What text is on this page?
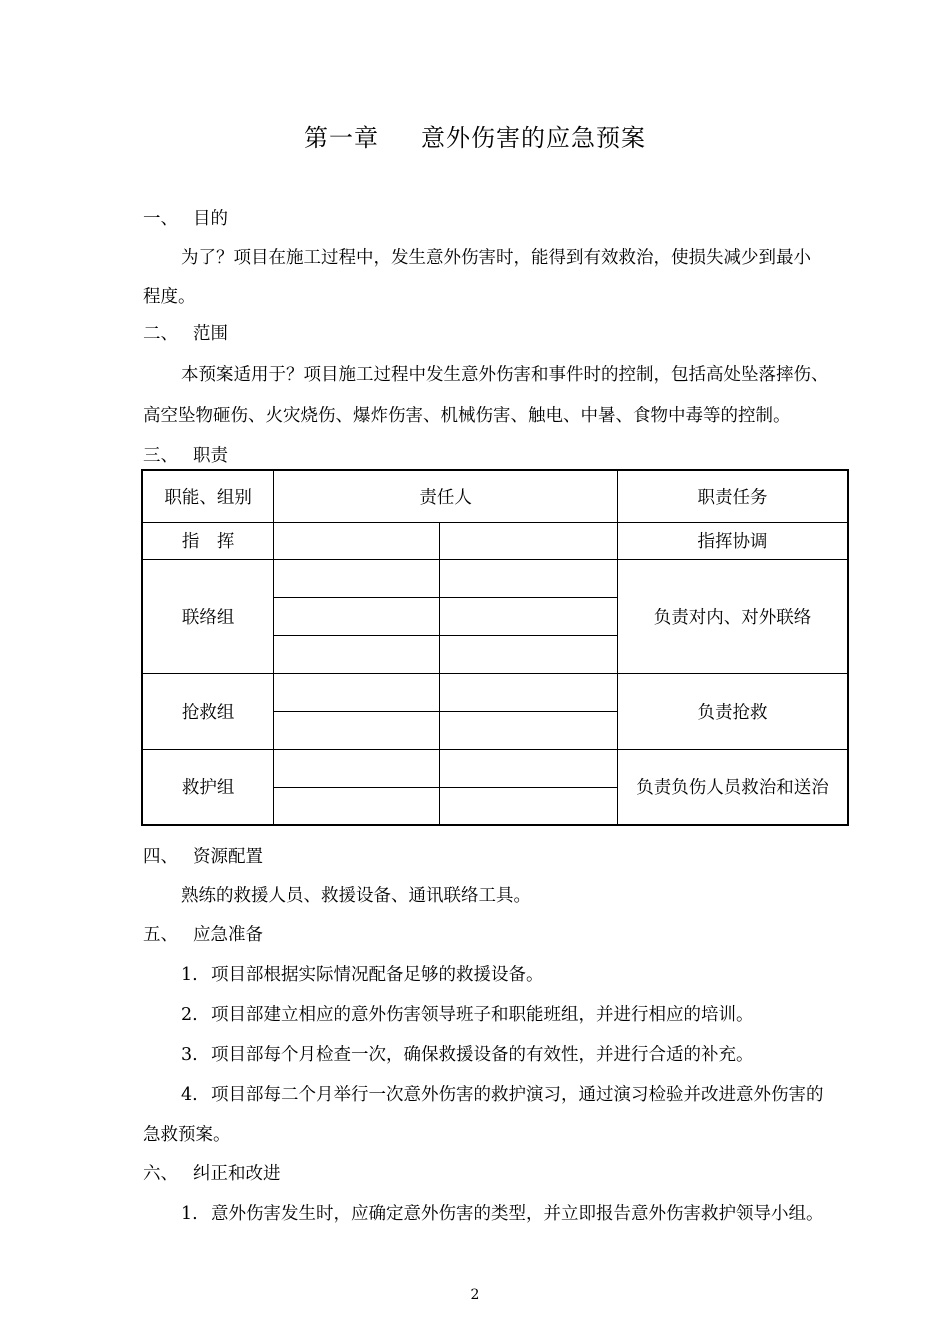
第一章 意外伤害的应急预案
一、 目的
为了？项目在施工过程中，发生意外伤害时，能得到有效救治，使损失减少到最小
程度。
二、 范围
本预案适用于？项目施工过程中发生意外伤害和事件时的控制，包括高处坠落摔伤、
高空坠物砸伤、火灾烧伤、爆炸伤害、机械伤害、触电、中暑、食物中毒等的控制。
三、 职责
职能、组别	责任人		职责任务
指　挥			指挥协调
联络组			负责对内、对外联络

抢救组			负责抢救

救护组			负责负伤人员救治和送治

四、 资源配置
熟练的救援人员、救援设备、通讯联络工具。
五、 应急准备
1. 项目部根据实际情况配备足够的救援设备。
2. 项目部建立相应的意外伤害领导班子和职能班组，并进行相应的培训。
3. 项目部每个月检查一次，确保救援设备的有效性，并进行合适的补充。
4. 项目部每二个月举行一次意外伤害的救护演习，通过演习检验并改进意外伤害的
急救预案。
六、 纠正和改进
1. 意外伤害发生时，应确定意外伤害的类型，并立即报告意外伤害救护领导小组。
2
